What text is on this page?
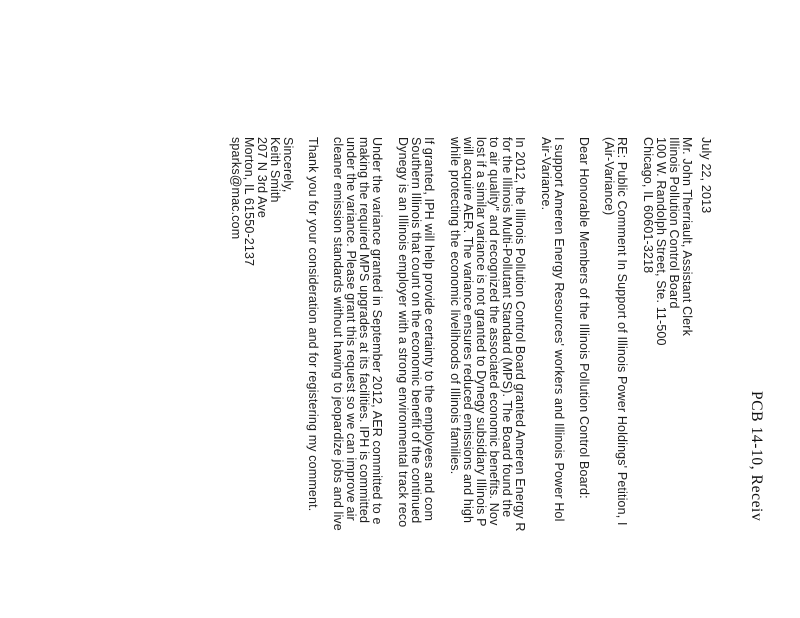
PCB 14-10, Receiv
July 22, 2013
Mr. John Therriault, Assistant Clerk
Illinois Pollution Control Board
100 W. Randolph Street, Ste. 11-500
Chicago, IL 60601-3218
RE: Public Comment In Support of Illinois Power Holdings' Petition, I
(Air-Variance)
Dear Honorable Members of the Illinois Pollution Control Board:
I support Ameren Energy Resources' workers and Illinois Power Hol
Air-Variance.
In 2012, the Illinois Pollution Control Board granted Ameren Energy R
for the Illinois Multi-Pollutant Standard (MPS). The Board found the
to air quality" and recognized the associated economic benefits. Nov
lost if a similar variance is not granted to Dynegy subsidiary Illinois P
will acquire AER. The variance ensures reduced emissions and high
while protecting the economic livelihoods of Illinois families.
If granted, IPH will help provide certainty to the employees and com
Southern Illinois that count on the economic benefit of the continued
Dynegy is an Illinois employer with a strong environmental track reco
Under the variance granted in September 2012, AER committed to e
making the required MPS upgrades at its facilities. IPH is committed
under the variance. Please grant this request so we can improve air
cleaner emission standards without having to jeopardize jobs and live
Thank you for your consideration and for registering my comment.
Sincerely,
Keith Smith
207 N 3rd Ave
Morton, IL 61550-2137
sparks@mac.com
